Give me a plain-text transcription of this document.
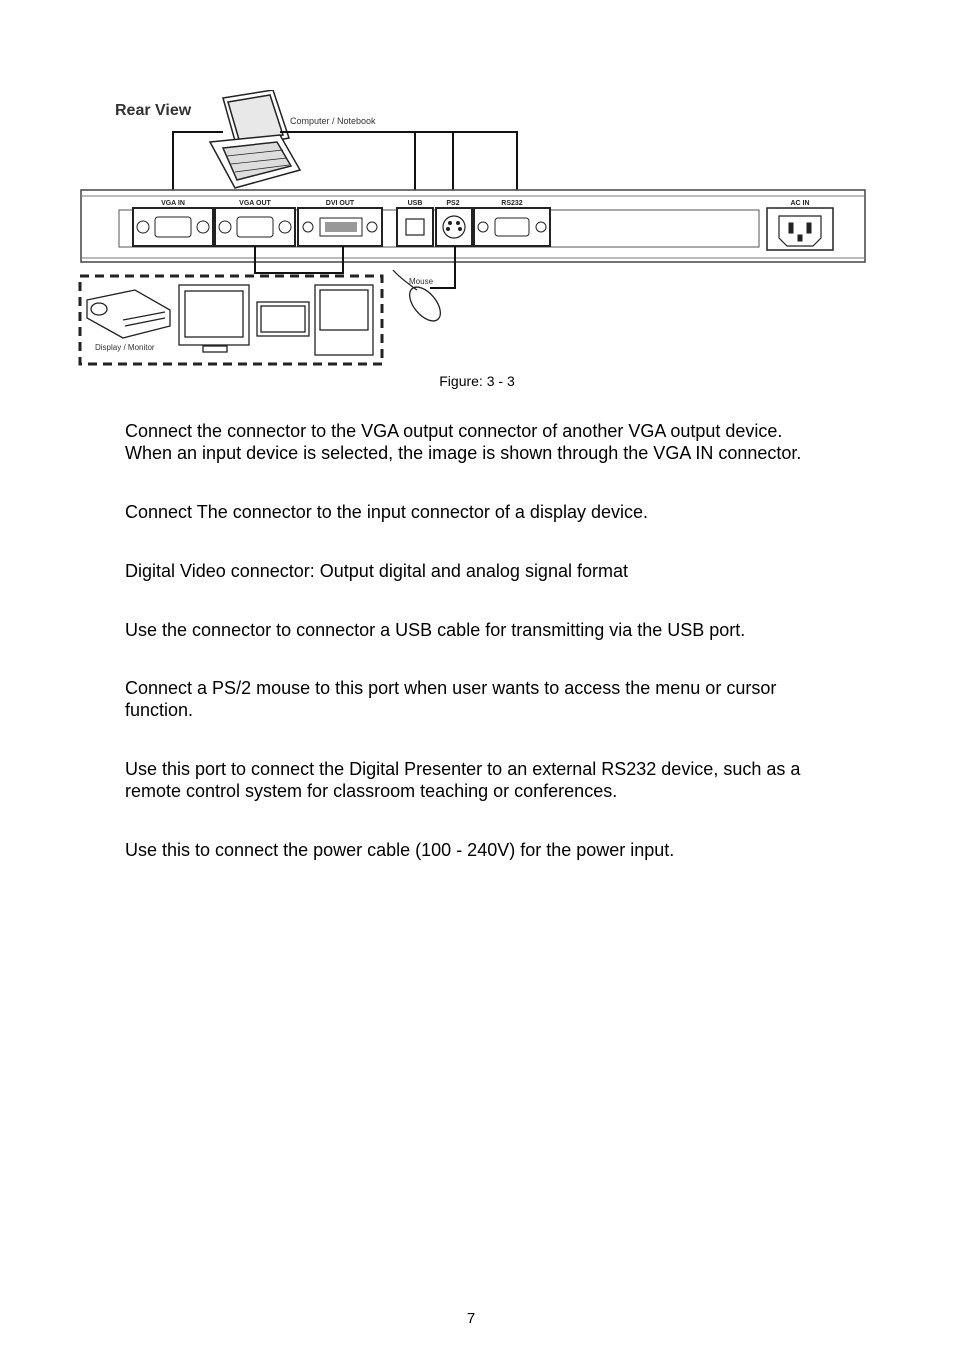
Rear View
Computer / Notebook
VGA IN	VGA OUT	DVI OUT	USB	PS2	RS232	AC IN
Mouse
Display / Monitor
Figure: 3 - 3
Connect the connector to the VGA output connector of another VGA output device.
When an input device is selected, the image is shown through the VGA IN connector.
Connect The connector to the input connector of a display device.
Digital Video connector: Output digital and analog signal format
Use the connector to connector a USB cable for transmitting via the USB port.
Connect a PS/2 mouse to this port when user wants to access the menu or cursor
function.
Use this port to connect the Digital Presenter to an external RS232 device, such as a
remote control system for classroom teaching or conferences.
Use this to connect the power cable (100 - 240V) for the power input.
7
